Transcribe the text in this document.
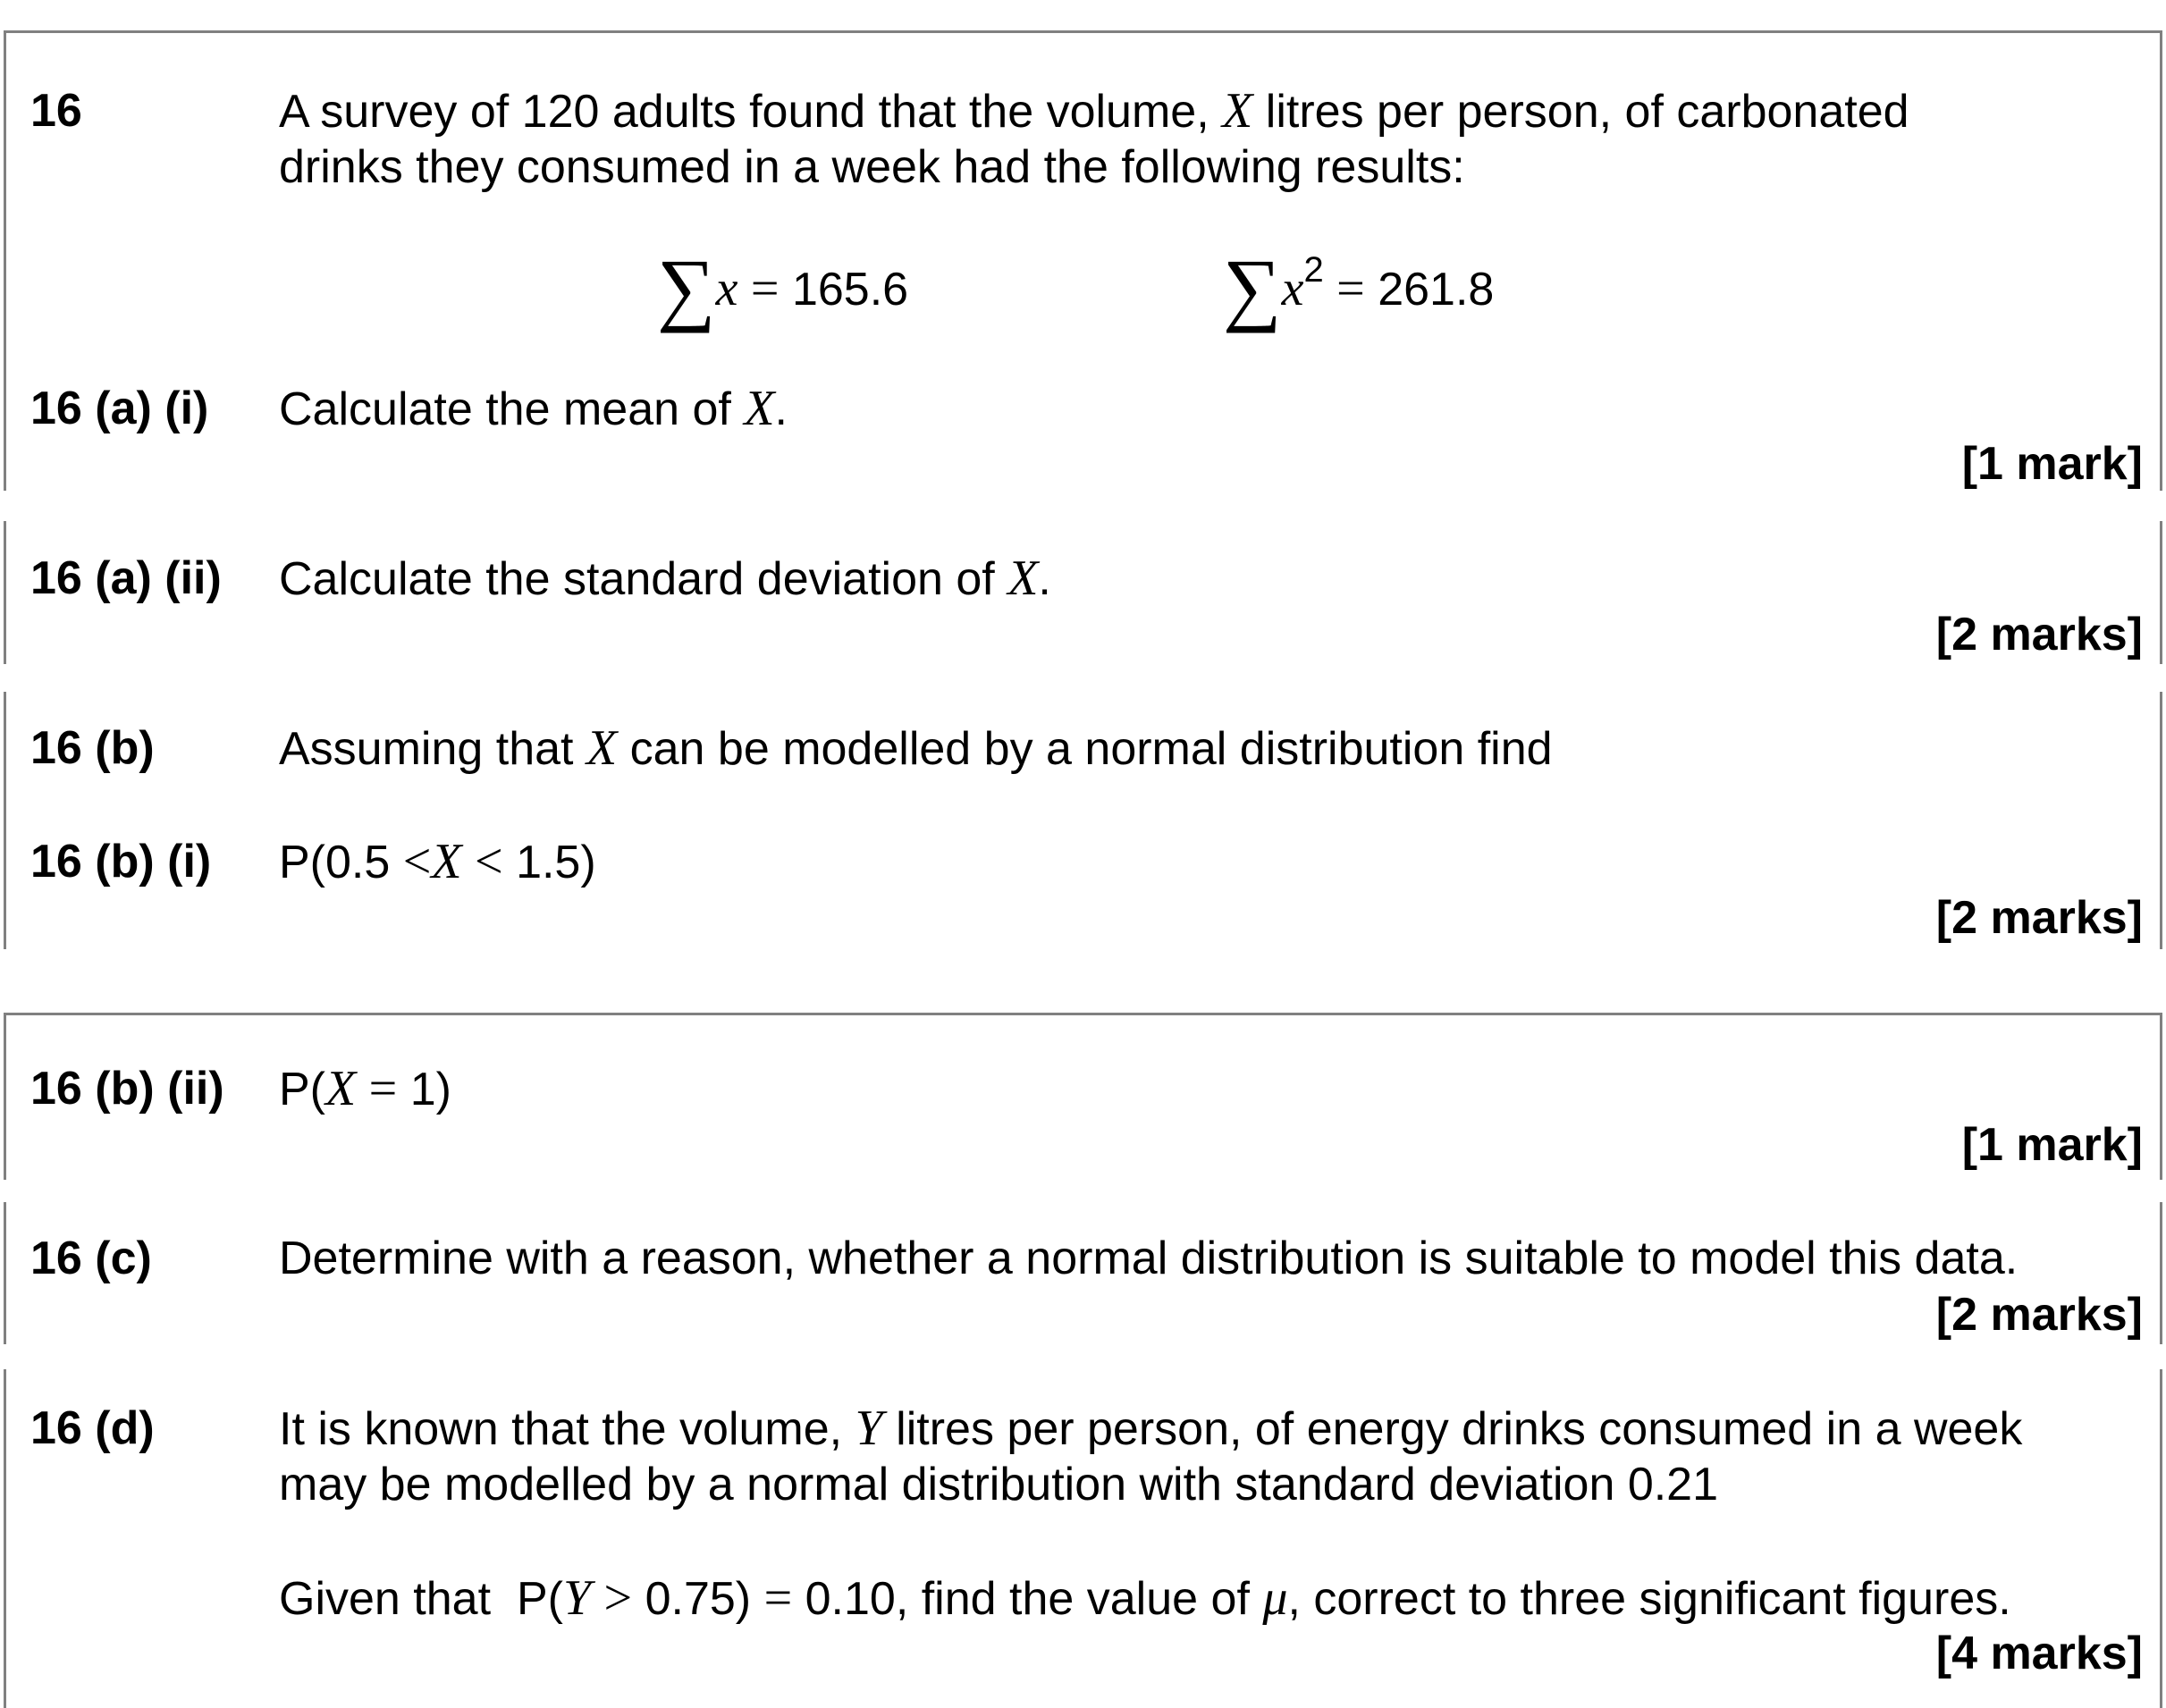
16	A survey of 120 adults found that the volume, X litres per person, of carbonated
drinks they consumed in a week had the following results:
∑x = 165.6	$\sum x^2 = 261.8$
16 (a) (i) Calculate the mean of X.
[1 mark]
16 (a) (ii) Calculate the standard deviation of X.
[2 marks]
16 (b)	Assuming that X can be modelled by a normal distribution find
16 (b) (i) P(0.5 <X < 1.5)
[2 marks]
16 (b) (ii) P(X = 1)
[1 mark]
16 (c)	Determine with a reason, whether a normal distribution is suitable to model this data.
[2 marks]
16 (d)	It is known that the volume, Y litres per person, of energy drinks consumed in a week
may be modelled by a normal distribution with standard deviation 0.21
Given that P(Y > 0.75) = 0.10, find the value of μ, correct to three significant figures.
[4 marks]
